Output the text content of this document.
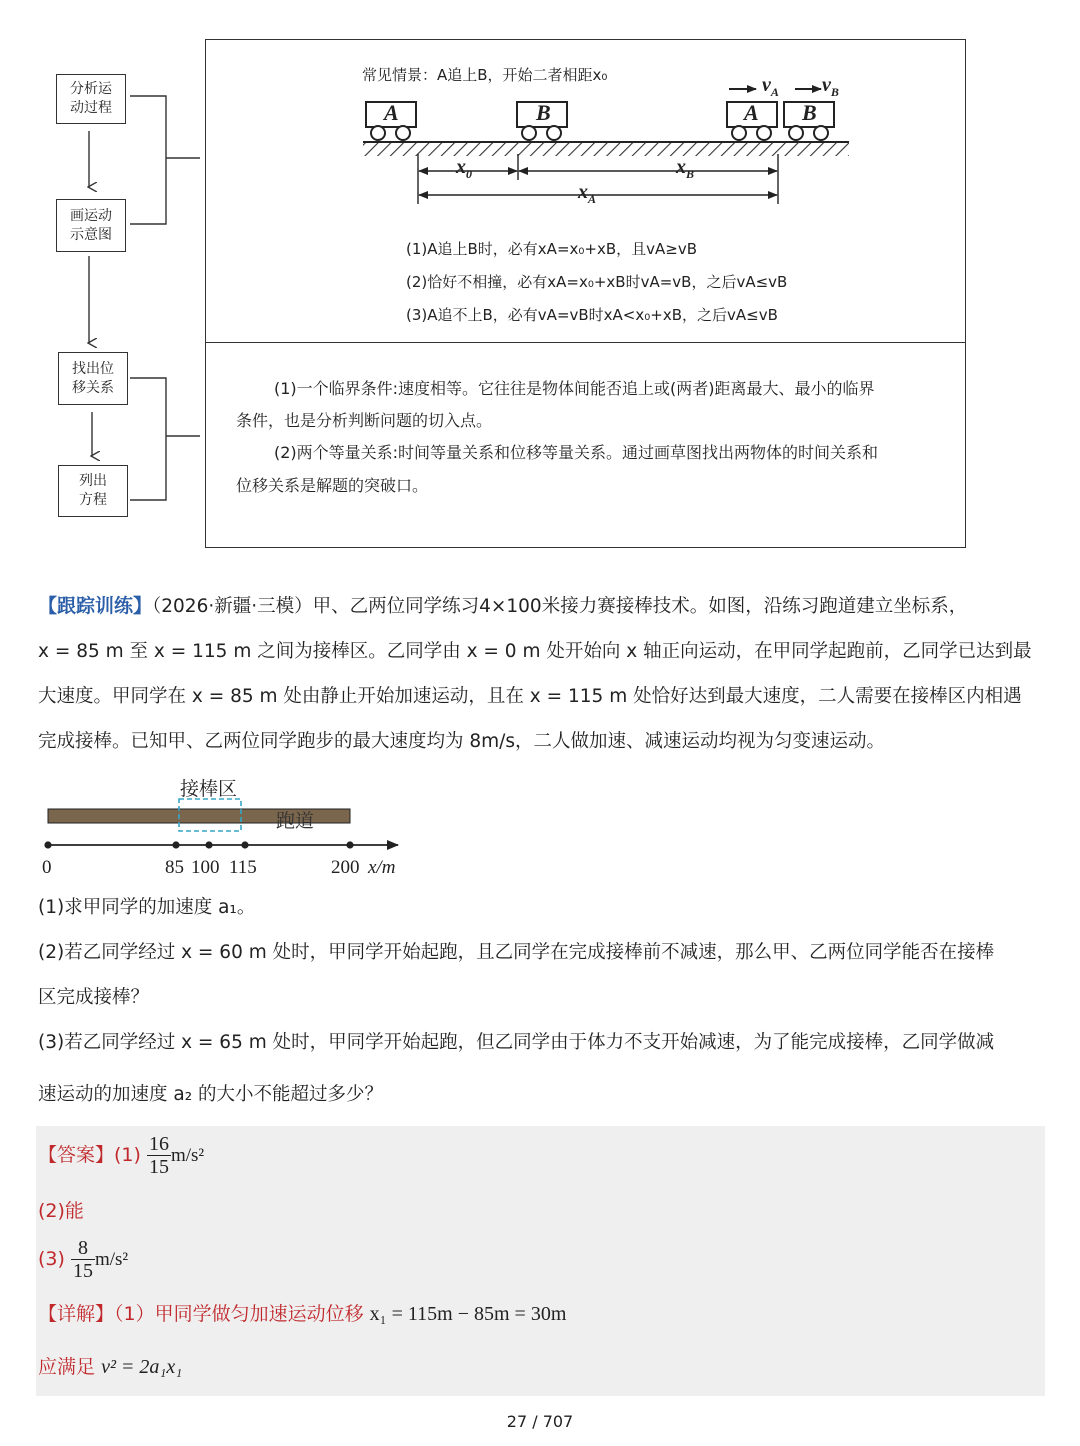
分析运
动过程
画运动
示意图
找出位
移关系
列出
方程
常见情景：A追上B，开始二者相距x₀
A	B	A B
$v_A$ $v_B$
$x_0$	$x_B$
$x_A$
(1)A追上B时，必有xA=x₀+xB，且vA≥vB
(2)恰好不相撞，必有xA=x₀+xB时vA=vB，之后vA≤vB
(3)A追不上B，必有vA=vB时xA<x₀+xB，之后vA≤vB
(1)一个临界条件:速度相等。它往往是物体间能否追上或(两者)距离最大、最小的临界
条件，也是分析判断问题的切入点。
(2)两个等量关系:时间等量关系和位移等量关系。通过画草图找出两物体的时间关系和
位移关系是解题的突破口。
【跟踪训练】（2026·新疆·三模）甲、乙两位同学练习4×100米接力赛接棒技术。如图，沿练习跑道建立坐标系，
x = 85 m 至 x = 115 m 之间为接棒区。乙同学由 x = 0 m 处开始向 x 轴正向运动，在甲同学起跑前，乙同学已达到最
大速度。甲同学在 x = 85 m 处由静止开始加速运动，且在 x = 115 m 处恰好达到最大速度，二人需要在接棒区内相遇
完成接棒。已知甲、乙两位同学跑步的最大速度均为 8m/s，二人做加速、减速运动均视为匀变速运动。
接棒区
跑道
0	85 100 115	200 x/m
(1)求甲同学的加速度 a₁。
(2)若乙同学经过 x = 60 m 处时，甲同学开始起跑，且乙同学在完成接棒前不减速，那么甲、乙两位同学能否在接棒
区完成接棒？
(3)若乙同学经过 x = 65 m 处时，甲同学开始起跑，但乙同学由于体力不支开始减速，为了能完成接棒，乙同学做减
速运动的加速度 a₂ 的大小不能超过多少？
【答案】$(1) \frac{16}{15} m/s^2$
(2)能
$(3) \frac{8}{15} m/s^2$
【详解】（1）甲同学做匀加速运动位移 x₁ = 115m − 85m = 30m
应满足 v² = 2a₁x₁
27 / 707
